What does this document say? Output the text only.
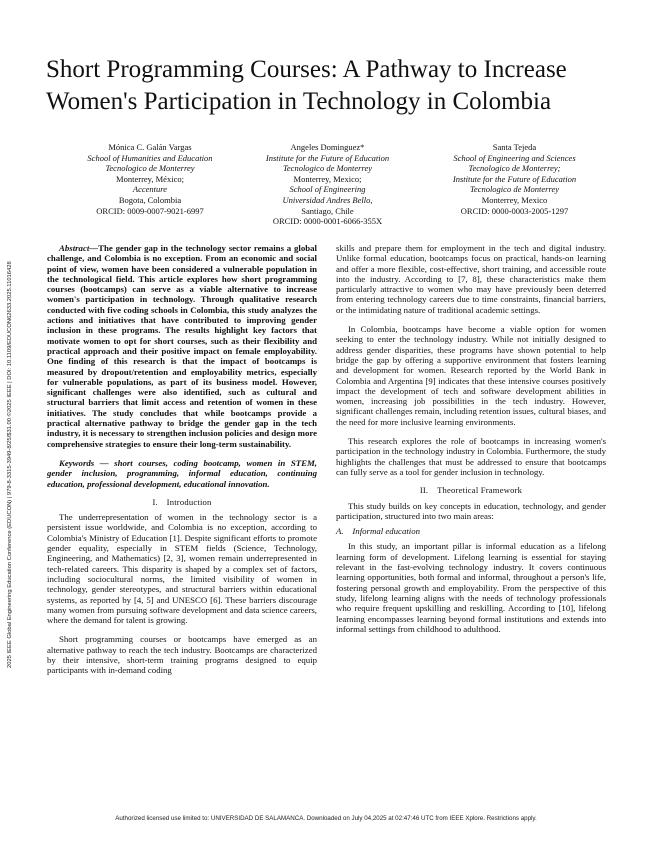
Short Programming Courses: A Pathway to Increase Women's Participation in Technology in Colombia
Mónica C. Galán Vargas
School of Humanities and Education
Tecnologico de Monterrey
Monterrey, México;
Accenture
Bogota, Colombia
ORCID: 0009-0007-9021-6997
Angeles Dominguez*
Institute for the Future of Education
Tecnologico de Monterrey
Monterrey, Mexico;
School of Engineering
Universidad Andres Bello,
Santiago, Chile
ORCID: 0000-0001-6066-355X
Santa Tejeda
School of Engineering and Sciences
Tecnologico de Monterrey;
Institute for the Future of Education
Tecnologico de Monterrey
Monterrey, Mexico
ORCID: 0000-0003-2005-1297

Abstract—The gender gap in the technology sector remains a global challenge, and Colombia is no exception. From an economic and social point of view, women have been considered a vulnerable population in the technological field. This article explores how short programming courses (bootcamps) can serve as a viable alternative to increase women's participation in technology. Through qualitative research conducted with five coding schools in Colombia, this study analyzes the actions and initiatives that have contributed to improving gender inclusion in these programs. The results highlight key factors that motivate women to opt for short courses, such as their flexibility and practical approach and their positive impact on female employability. One finding of this research is that the impact of bootcamps is measured by dropout/retention and employability metrics, especially for vulnerable populations, as part of its business model. However, significant challenges were also identified, such as cultural and structural barriers that limit access and retention of women in these initiatives. The study concludes that while bootcamps provide a practical alternative pathway to bridge the gender gap in the tech industry, it is necessary to strengthen inclusion policies and design more comprehensive strategies to ensure their long-term sustainability.

Keywords — short courses, coding bootcamp, women in STEM, gender inclusion, programming, informal education, continuing education, professional development, educational innovation.

I. Introduction

The underrepresentation of women in the technology sector is a persistent issue worldwide, and Colombia is no exception, according to Colombia's Ministry of Education [1]. Despite significant efforts to promote gender equality, especially in STEM fields (Science, Technology, Engineering, and Mathematics) [2, 3], women remain underrepresented in tech-related careers. This disparity is shaped by a complex set of factors, including sociocultural norms, the limited visibility of women in technology, gender stereotypes, and structural barriers within educational systems, as reported by [4, 5] and UNESCO [6]. These barriers discourage many women from pursuing software development and data science careers, where the demand for talent is growing.

Short programming courses or bootcamps have emerged as an alternative pathway to reach the tech industry. Bootcamps are characterized by their intensive, short-term training programs designed to equip participants with in-demand coding

skills and prepare them for employment in the tech and digital industry. Unlike formal education, bootcamps focus on practical, hands-on learning and offer a more flexible, cost-effective, short training, and accessible route into the industry. According to [7, 8], these characteristics make them particularly attractive to women who may have previously been deterred from entering technology careers due to time constraints, financial barriers, or the intimidating nature of traditional academic settings.

In Colombia, bootcamps have become a viable option for women seeking to enter the technology industry. While not initially designed to address gender disparities, these programs have shown potential to help bridge the gap by offering a supportive environment that fosters learning and development for women. Research reported by the World Bank in Colombia and Argentina [9] indicates that these intensive courses positively impact the development of tech and software development abilities in women, increasing job possibilities in the tech industry. However, significant challenges remain, including retention issues, cultural biases, and the need for more inclusive learning environments.

This research explores the role of bootcamps in increasing women's participation in the technology industry in Colombia. Furthermore, the study highlights the challenges that must be addressed to ensure that bootcamps can fully serve as a tool for gender inclusion in technology.

II. Theoretical Framework

This study builds on key concepts in education, technology, and gender participation, structured into two main areas:

A. Informal education

In this study, an important pillar is informal education as a lifelong learning form of development. Lifelong learning is essential for staying relevant in the fast-evolving technology industry. It covers continuous learning opportunities, both formal and informal, throughout a person's life, fostering personal growth and employability. From the perspective of this study, lifelong learning aligns with the needs of technology professionals who require frequent upskilling and reskilling. According to [10], lifelong learning encompasses learning beyond formal institutions and extends into informal settings from childhood to adulthood.

2025 IEEE Global Engineering Education Conference (EDUCON) | 979-8-3315-3949-8/25/$31.00 ©2025 IEEE | DOI: 10.1109/EDUCON62633.2025.11016428
Authorized licensed use limited to: UNIVERSIDAD DE SALAMANCA. Downloaded on July 04,2025 at 02:47:46 UTC from IEEE Xplore. Restrictions apply.
